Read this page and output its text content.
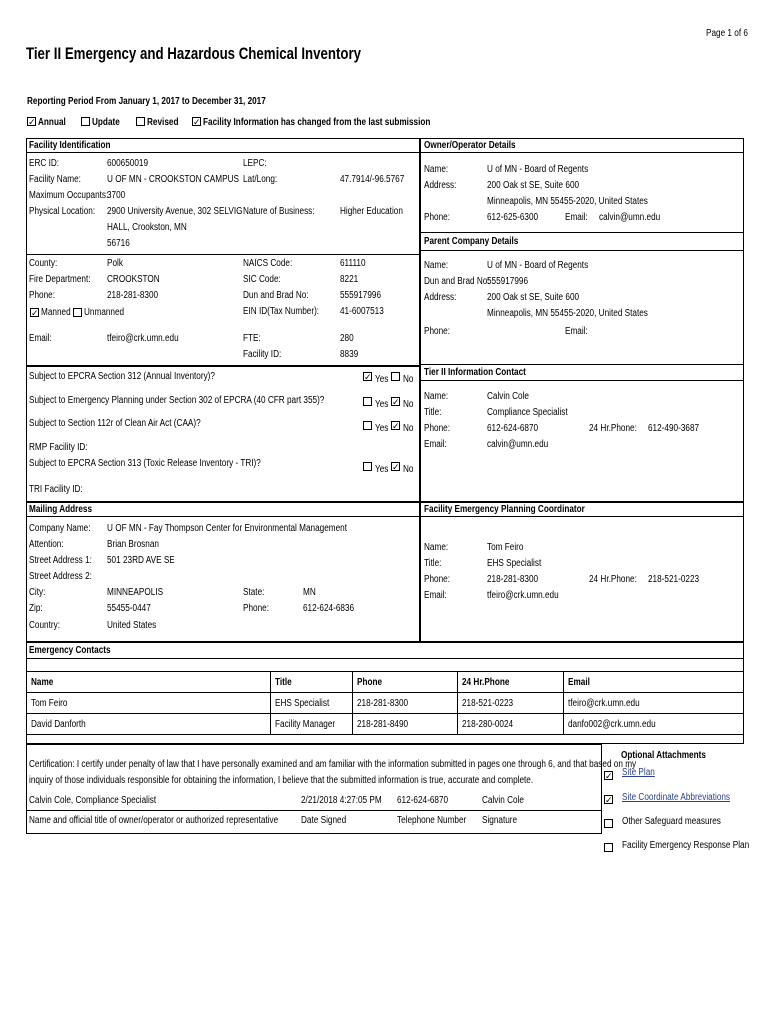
Page 1 of 6
Tier II Emergency and Hazardous Chemical Inventory
Reporting Period From January 1, 2017 to December 31, 2017
✓ Annual	Update	Revised ✓ Facility Information has changed from the last submission
Facility Identification
ERC ID:	600650019
Facility Name:	U OF MN - CROOKSTON CAMPUS
Maximum Occupants:
3700
Physical Location: 2900 University Avenue, 302 SELVIG
HALL, Crookston, MN
56716
LEPC:
Lat/Long:	47.7914/-96.5767
Nature of Business:	Higher Education
County:	Polk
Fire Department: CROOKSTON
Phone:	218-281-8300
✓ Manned Unmanned
Email:	tfeiro@crk.umn.edu
NAICS Code:	611110
SIC Code:	8221
Dun and Brad No:	555917996
EIN ID(Tax Number): 41-6007513
FTE:	280
Facility ID:	8839
Subject to EPCRA Section 312 (Annual Inventory)?	✓ Yes No
Subject to Emergency Planning under Section 302 of EPCRA (40 CFR part 355)?	Yes ✓ No
Subject to Section 112r of Clean Air Act (CAA)?	Yes ✓ No
RMP Facility ID:
Subject to EPCRA Section 313 (Toxic Release Inventory - TRI)?
Yes ✓ No
TRI Facility ID:
Owner/Operator Details
Name:	U of MN - Board of Regents
Address:	200 Oak st SE, Suite 600
Minneapolis, MN 55455-2020, United States
Phone:	612-625-6300	Email: calvin@umn.edu
Parent Company Details
Name:	U of MN - Board of Regents
Dun and Brad No:
555917996
Address:	200 Oak st SE, Suite 600
Minneapolis, MN 55455-2020, United States
Phone:	Email:
Tier II Information Contact
Name:	Calvin Cole
Title:	Compliance Specialist
Phone:	612-624-6870	24 Hr.Phone: 612-490-3687
Email:	calvin@umn.edu
Mailing Address
Company Name: U OF MN - Fay Thompson Center for Environmental Management
Attention:	Brian Brosnan
Street Address 1: 501 23RD AVE SE
Street Address 2:
City:	MINNEAPOLIS	State:	MN
Zip:	55455-0447	Phone:	612-624-6836
Country:	United States
Facility Emergency Planning Coordinator
Name:	Tom Feiro
Title:	EHS Specialist
Phone:	218-281-8300	24 Hr.Phone: 218-521-0223
Email:	tfeiro@crk.umn.edu
Emergency Contacts
Name	Title	Phone	24 Hr.Phone	Email
Tom Feiro	EHS Specialist	218-281-8300	218-521-0223	tfeiro@crk.umn.edu
David Danforth	Facility Manager	218-281-8490	218-280-0024	danfo002@crk.umn.edu
Certification: I certify under penalty of law that I have personally examined and am familiar with the information submitted in pages one through 6, and that based on my
inquiry of those individuals responsible for obtaining the information, I believe that the submitted information is true, accurate and complete.
Calvin Cole, Compliance Specialist	2/21/2018 4:27:05 PM 612-624-6870	Calvin Cole
Name and official title of owner/operator or authorized representative Date Signed	Telephone Number Signature
Optional Attachments
✓ Site Plan
✓ Site Coordinate Abbreviations
Other Safeguard measures
Facility Emergency Response Plan
